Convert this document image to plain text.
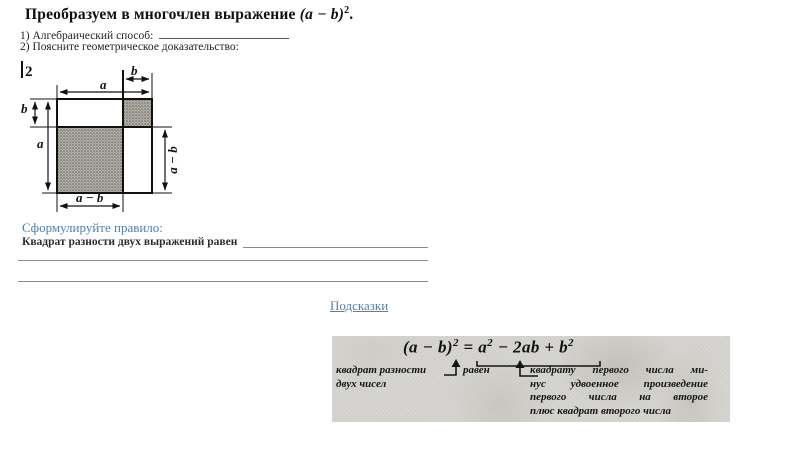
Преобразуем в многочлен выражение $(a - b)^2$.
1) Алгебраический способ:
2) Поясните геометрическое доказательство:
2	b
a
b
a
a − b
a − b
Сформулируйте правило:
Квадрат разности двух выражений равен
Подсказки
$(a - b)^2 = a^2 - 2ab + b^2$
квадрат разности
двух чисел
равен	квадрату первого числа ми-
нус удвоенное произведение
первого числа на второе
плюс квадрат второго числа
